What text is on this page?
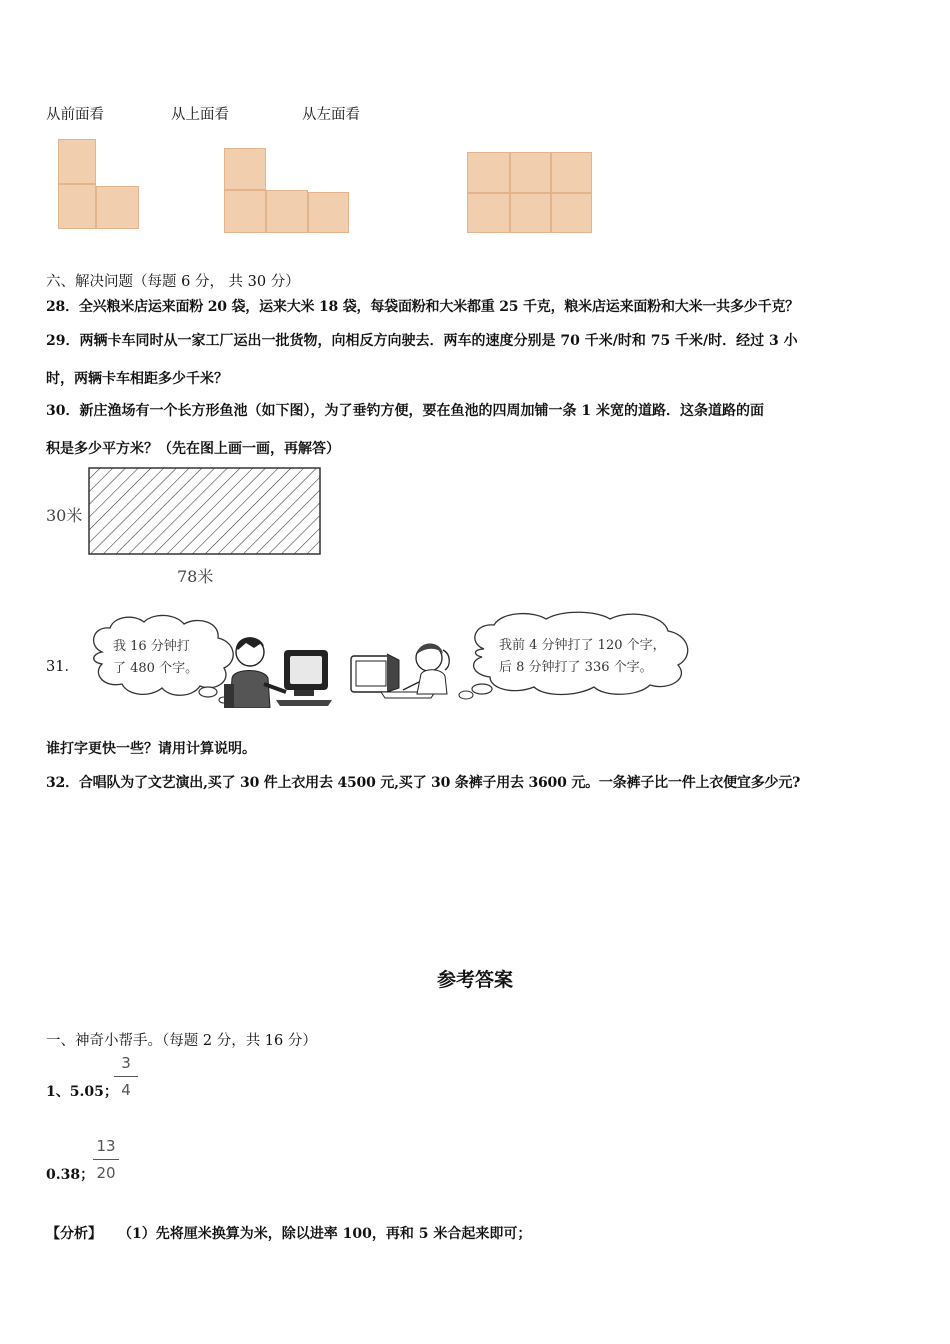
从前面看	从上面看	从左面看
六、解决问题（每题 6 分， 共 30 分）
28．全兴粮米店运来面粉 20 袋，运来大米 18 袋，每袋面粉和大米都重 25 千克，粮米店运来面粉和大米一共多少千克？
29．两辆卡车同时从一家工厂运出一批货物，向相反方向驶去．两车的速度分别是 70 千米/时和 75 千米/时．经过 3 小
时，两辆卡车相距多少千米？
30．新庄渔场有一个长方形鱼池（如下图），为了垂钓方便，要在鱼池的四周加铺一条 1 米宽的道路．这条道路的面
积是多少平方米？（先在图上画一画，再解答）
30米
78米
31．
我 16 分钟打
了 480 个字。
我前 4 分钟打了 120 个字，
后 8 分钟打了 336 个字。
谁打字更快一些？请用计算说明。
32．合唱队为了文艺演出,买了 30 件上衣用去 4500 元,买了 30 条裤子用去 3600 元。一条裤子比一件上衣便宜多少元?
参考答案
一、神奇小帮手。（每题 2 分，共 16 分）
1、5.05；
3
4
0.38；
13
20
【分析】 （1）先将厘米换算为米，除以进率 100，再和 5 米合起来即可；
